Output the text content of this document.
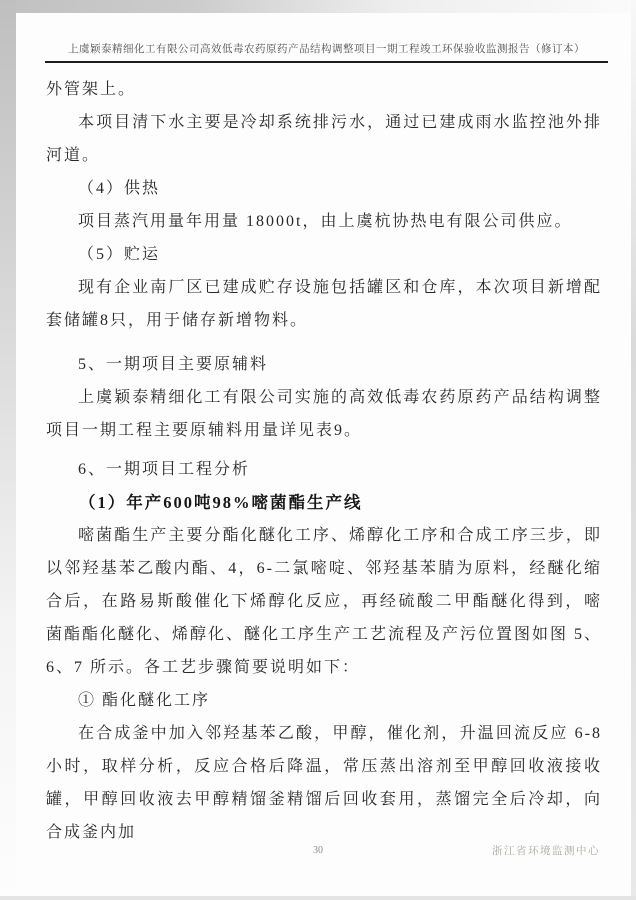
上虞颖泰精细化工有限公司高效低毒农药原药产品结构调整项目一期工程竣工环保验收监测报告（修订本）

外管架上。

本项目清下水主要是冷却系统排污水，通过已建成雨水监控池外排河道。

（4）供热

项目蒸汽用量年用量 18000t，由上虞杭协热电有限公司供应。

（5）贮运

现有企业南厂区已建成贮存设施包括罐区和仓库，本次项目新增配套储罐8只，用于储存新增物料。

5、一期项目主要原辅料

上虞颖泰精细化工有限公司实施的高效低毒农药原药产品结构调整项目一期工程主要原辅料用量详见表9。

6、一期项目工程分析

（1）年产600吨98%嘧菌酯生产线

嘧菌酯生产主要分酯化醚化工序、烯醇化工序和合成工序三步，即以邻羟基苯乙酸内酯、4，6-二氯嘧啶、邻羟基苯腈为原料，经醚化缩合后，在路易斯酸催化下烯醇化反应，再经硫酸二甲酯醚化得到，嘧菌酯酯化醚化、烯醇化、醚化工序生产工艺流程及产污位置图如图 5、6、7 所示。各工艺步骤简要说明如下：

① 酯化醚化工序

在合成釜中加入邻羟基苯乙酸，甲醇，催化剂，升温回流反应 6-8 小时，取样分析，反应合格后降温，常压蒸出溶剂至甲醇回收液接收罐，甲醇回收液去甲醇精馏釜精馏后回收套用，蒸馏完全后冷却，向合成釜内加

30	浙江省环境监测中心
